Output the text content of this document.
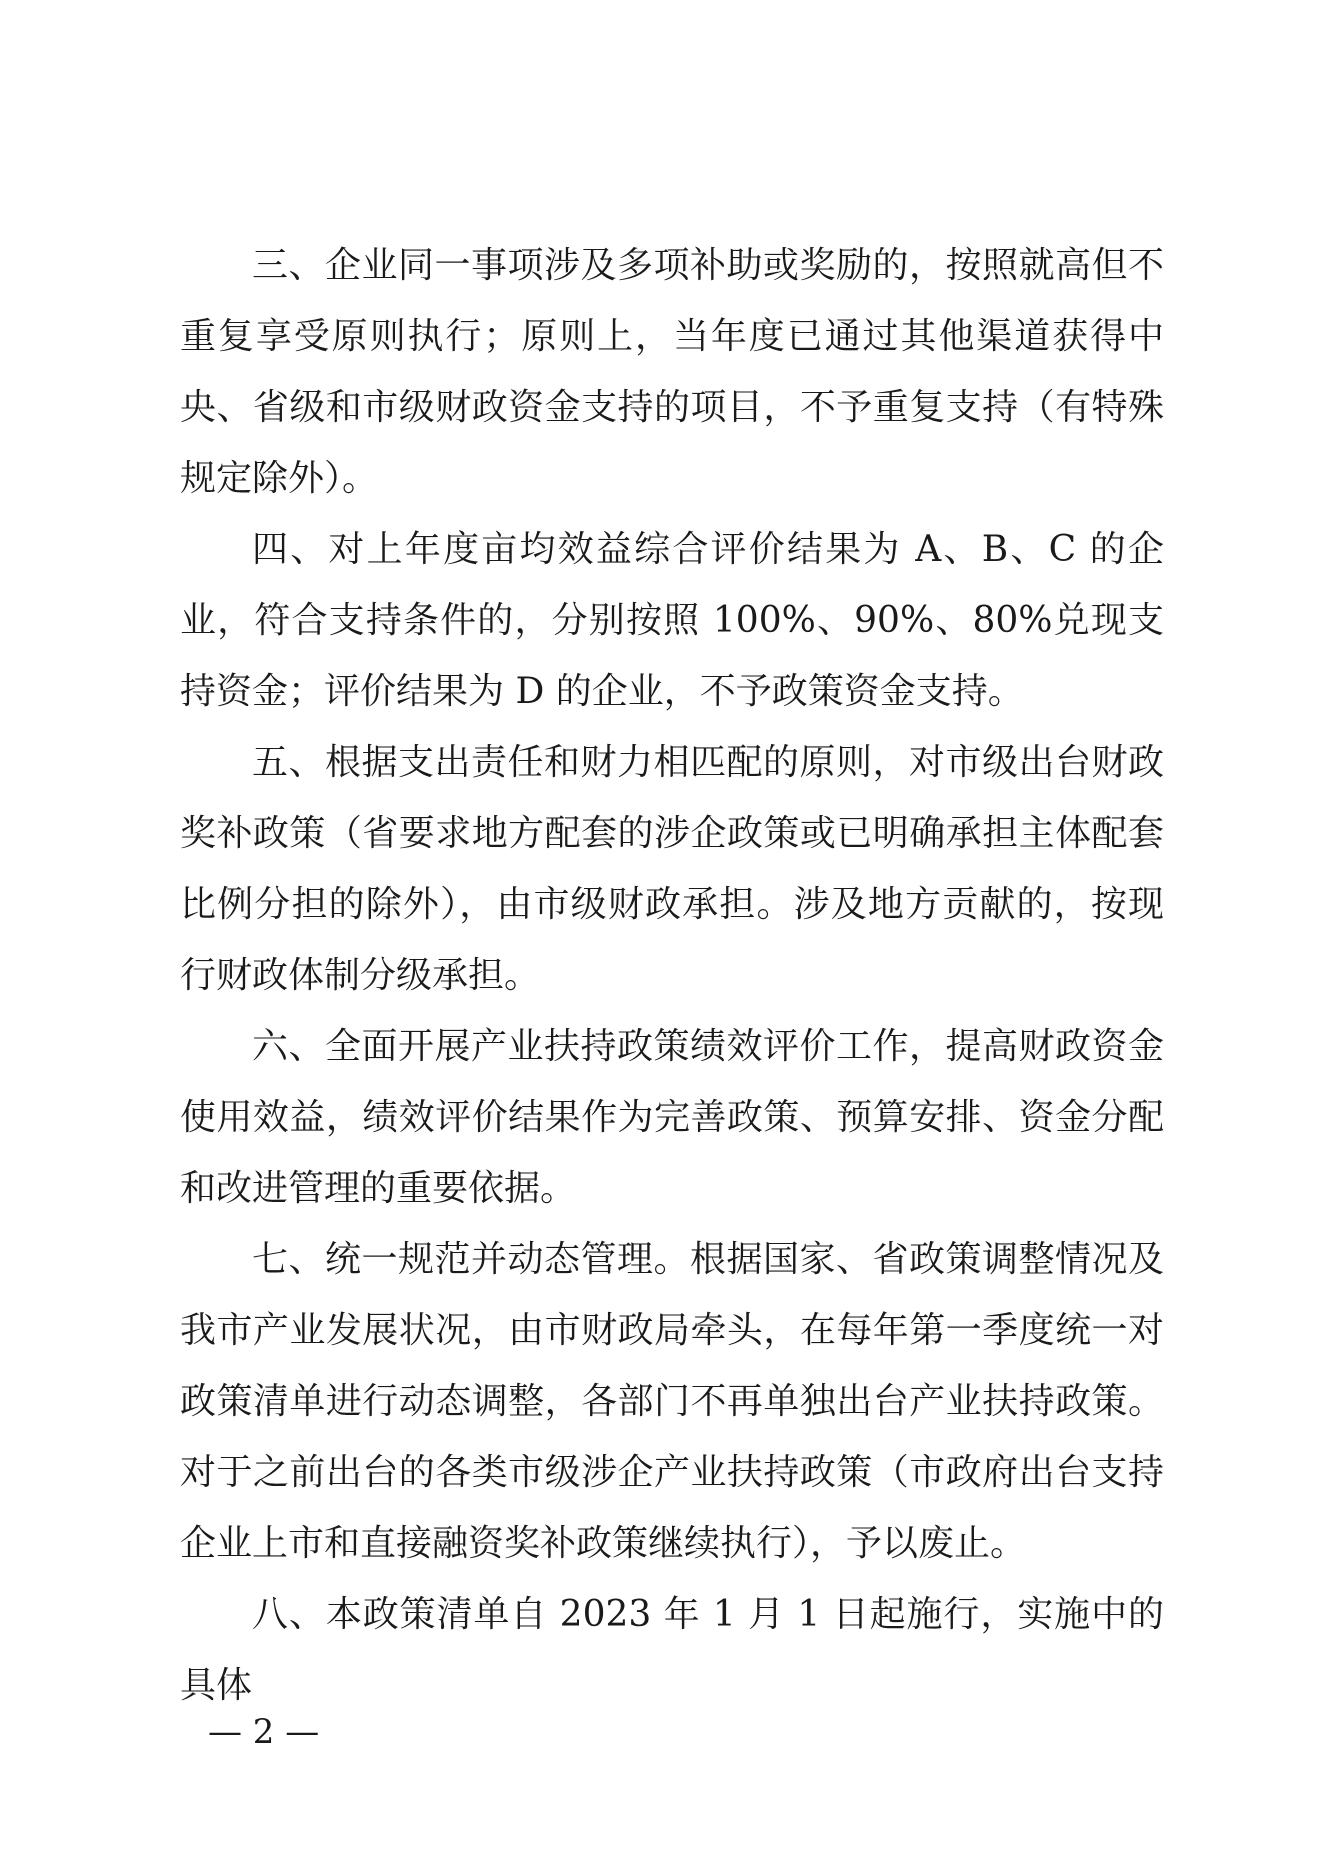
三、企业同一事项涉及多项补助或奖励的，按照就高但不重复享受原则执行；原则上，当年度已通过其他渠道获得中央、省级和市级财政资金支持的项目，不予重复支持（有特殊规定除外）。

四、对上年度亩均效益综合评价结果为 A、B、C 的企业，符合支持条件的，分别按照 100%、90%、80%兑现支持资金；评价结果为 D 的企业，不予政策资金支持。

五、根据支出责任和财力相匹配的原则，对市级出台财政奖补政策（省要求地方配套的涉企政策或已明确承担主体配套比例分担的除外），由市级财政承担。涉及地方贡献的，按现行财政体制分级承担。

六、全面开展产业扶持政策绩效评价工作，提高财政资金使用效益，绩效评价结果作为完善政策、预算安排、资金分配和改进管理的重要依据。

七、统一规范并动态管理。根据国家、省政策调整情况及我市产业发展状况，由市财政局牵头，在每年第一季度统一对政策清单进行动态调整，各部门不再单独出台产业扶持政策。对于之前出台的各类市级涉企产业扶持政策（市政府出台支持企业上市和直接融资奖补政策继续执行），予以废止。

八、本政策清单自 2023 年 1 月 1 日起施行，实施中的具体

— 2 —
